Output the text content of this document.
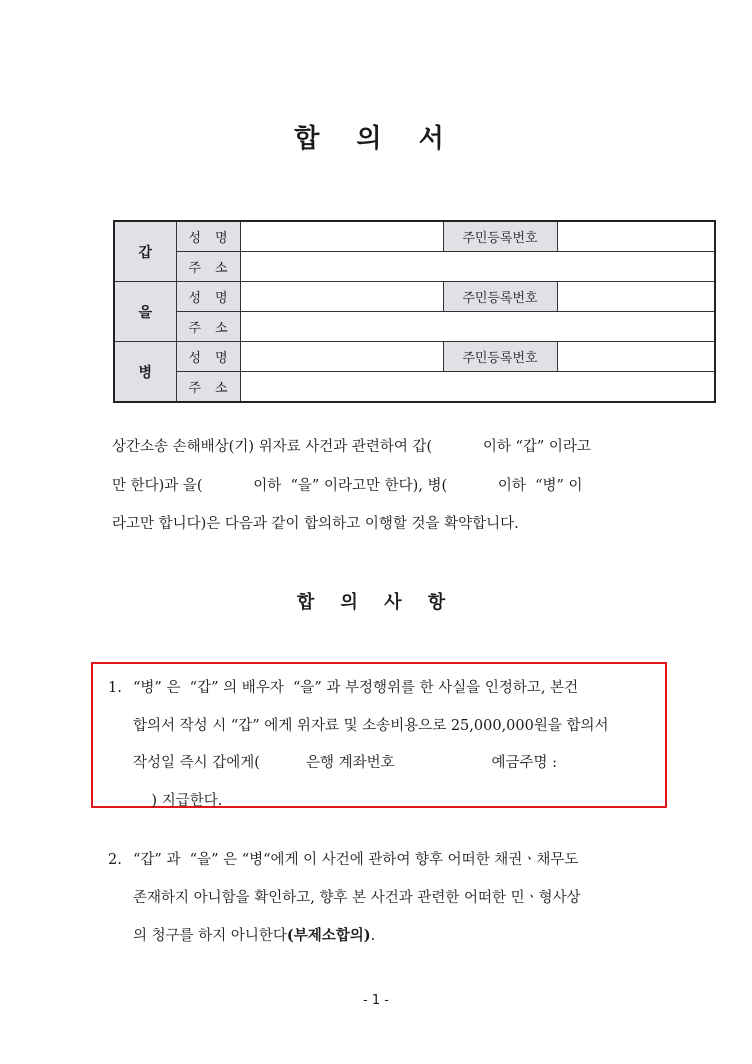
합 의 서
갑	성 명		주민등록번호	
	주 소			
을	성 명		주민등록번호	
	주 소			
병	성 명		주민등록번호	
	주 소			
상간소송 손해배상(기) 위자료 사건과 관련하여 갑(           이하 “갑” 이라고
만 한다)과 을(           이하  “을” 이라고만 한다), 병(           이하  “병” 이
라고만 합니다)은 다음과 같이 합의하고 이행할 것을 확약합니다.
합 의 사 항
1. “병” 은  “갑” 의 배우자  “을” 과 부정행위를 한 사실을 인정하고, 본건
합의서 작성 시 “갑” 에게 위자료 및 소송비용으로 25,000,000원을 합의서
작성일 즉시 갑에게(          은행 계좌번호                     예금주명 :
) 지급한다.
2. “갑” 과  “을” 은 “병“에게 이 사건에 관하여 향후 어떠한 채권ㆍ채무도
존재하지 아니함을 확인하고, 향후 본 사건과 관련한 어떠한 민ㆍ형사상
의 청구를 하지 아니한다(부제소합의).
- 1 -
